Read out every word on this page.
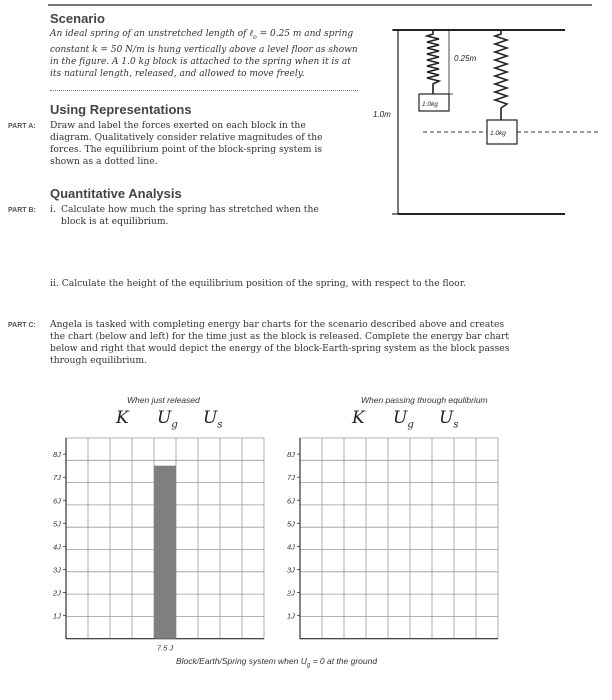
Scenario
An ideal spring of an unstretched length of ℓ$_o$ = 0.25 m and spring constant k = 50 N/m is hung vertically above a level floor as shown in the figure. A 1.0 kg block is attached to the spring when it is at its natural length, released, and allowed to move freely.
Using Representations
PART A: Draw and label the forces exerted on each block in the diagram. Qualitatively consider relative magnitudes of the forces. The equilibrium point of the block-spring system is shown as a dotted line.
Quantitative Analysis
PART B: i. Calculate how much the spring has stretched when the block is at equilibrium.
ii. Calculate the height of the equilibrium position of the spring, with respect to the floor.
PART C: Angela is tasked with completing energy bar charts for the scenario described above and creates the chart (below and left) for the time just as the block is released. Complete the energy bar chart below and right that would depict the energy of the block-Earth-spring system as the block passes through equilibrium.
1.0m
0.25m
1.0kg
1.0kg
When just released
K $U_g$ $U_s$
When passing through equlibrium
K $U_g$ $U_s$
1J
2J
3J
4J
5J
6J
7J
8J
7.5 J
1J
2J
3J
4J
5J
6J
7J
8J
Block/Earth/Spring system when $U_g = 0$ at the ground
